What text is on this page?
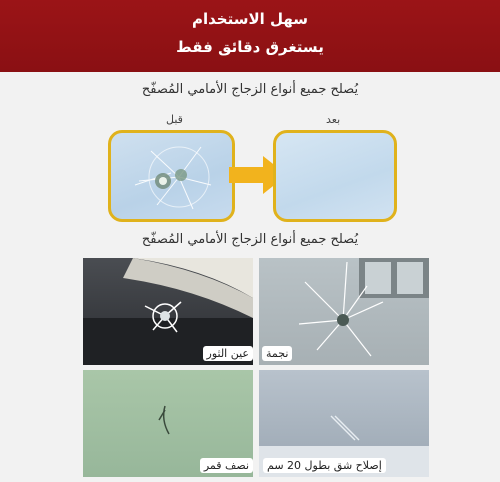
سهل الاستخدام
يستغرق دقائق فقط
يُصلح جميع أنواع الزجاج الأمامي المُصفّح
قبل	بعد
يُصلح جميع أنواع الزجاج الأمامي المُصفّح
عين الثور	نجمة
نصف قمر	إصلاح شق بطول 20 سم
